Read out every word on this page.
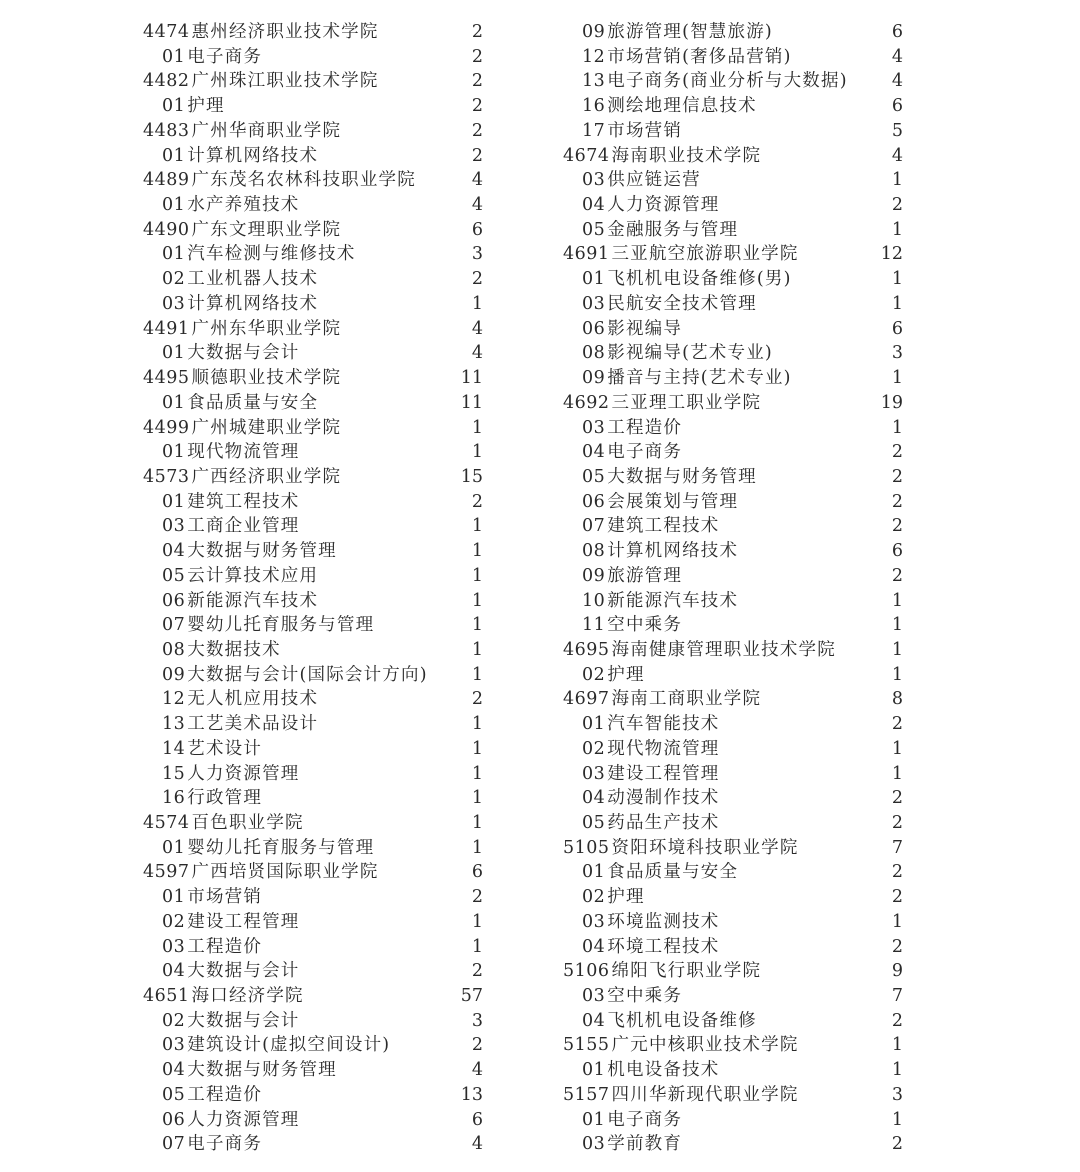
4474 惠州经济职业技术学院	2
01 电子商务	2
4482 广州珠江职业技术学院	2
01 护理	2
4483 广州华商职业学院	2
01 计算机网络技术	2
4489 广东茂名农林科技职业学院	4
01 水产养殖技术	4
4490 广东文理职业学院	6
01 汽车检测与维修技术	3
02 工业机器人技术	2
03 计算机网络技术	1
4491 广州东华职业学院	4
01 大数据与会计	4
4495 顺德职业技术学院	11
01 食品质量与安全	11
4499 广州城建职业学院	1
01 现代物流管理	1
4573 广西经济职业学院	15
01 建筑工程技术	2
03 工商企业管理	1
04 大数据与财务管理	1
05 云计算技术应用	1
06 新能源汽车技术	1
07 婴幼儿托育服务与管理	1
08 大数据技术	1
09 大数据与会计(国际会计方向)	1
12 无人机应用技术	2
13 工艺美术品设计	1
14 艺术设计	1
15 人力资源管理	1
16 行政管理	1
4574 百色职业学院	1
01 婴幼儿托育服务与管理	1
4597 广西培贤国际职业学院	6
01 市场营销	2
02 建设工程管理	1
03 工程造价	1
04 大数据与会计	2
4651 海口经济学院	57
02 大数据与会计	3
03 建筑设计(虚拟空间设计)	2
04 大数据与财务管理	4
05 工程造价	13
06 人力资源管理	6
07 电子商务	4
09 旅游管理(智慧旅游)	6
12 市场营销(奢侈品营销)	4
13 电子商务(商业分析与大数据)	4
16 测绘地理信息技术	6
17 市场营销	5
4674 海南职业技术学院	4
03 供应链运营	1
04 人力资源管理	2
05 金融服务与管理	1
4691 三亚航空旅游职业学院	12
01 飞机机电设备维修(男)	1
03 民航安全技术管理	1
06 影视编导	6
08 影视编导(艺术专业)	3
09 播音与主持(艺术专业)	1
4692 三亚理工职业学院	19
03 工程造价	1
04 电子商务	2
05 大数据与财务管理	2
06 会展策划与管理	2
07 建筑工程技术	2
08 计算机网络技术	6
09 旅游管理	2
10 新能源汽车技术	1
11 空中乘务	1
4695 海南健康管理职业技术学院	1
02 护理	1
4697 海南工商职业学院	8
01 汽车智能技术	2
02 现代物流管理	1
03 建设工程管理	1
04 动漫制作技术	2
05 药品生产技术	2
5105 资阳环境科技职业学院	7
01 食品质量与安全	2
02 护理	2
03 环境监测技术	1
04 环境工程技术	2
5106 绵阳飞行职业学院	9
03 空中乘务	7
04 飞机机电设备维修	2
5155 广元中核职业技术学院	1
01 机电设备技术	1
5157 四川华新现代职业学院	3
01 电子商务	1
03 学前教育	2
